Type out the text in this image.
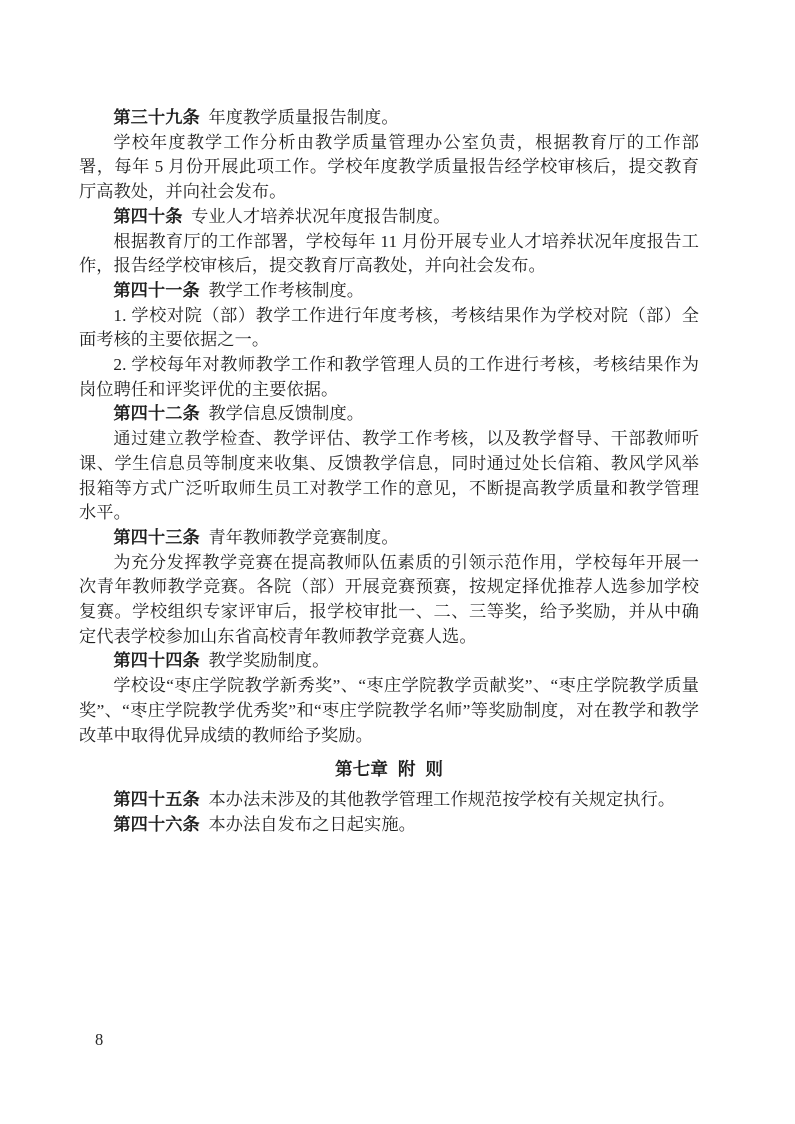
第三十九条 年度教学质量报告制度。

学校年度教学工作分析由教学质量管理办公室负责，根据教育厅的工作部署，每年 5 月份开展此项工作。学校年度教学质量报告经学校审核后，提交教育厅高教处，并向社会发布。

第四十条 专业人才培养状况年度报告制度。

根据教育厅的工作部署，学校每年 11 月份开展专业人才培养状况年度报告工作，报告经学校审核后，提交教育厅高教处，并向社会发布。

第四十一条 教学工作考核制度。

1. 学校对院（部）教学工作进行年度考核，考核结果作为学校对院（部）全面考核的主要依据之一。

2. 学校每年对教师教学工作和教学管理人员的工作进行考核，考核结果作为岗位聘任和评奖评优的主要依据。

第四十二条 教学信息反馈制度。

通过建立教学检查、教学评估、教学工作考核，以及教学督导、干部教师听课、学生信息员等制度来收集、反馈教学信息，同时通过处长信箱、教风学风举报箱等方式广泛听取师生员工对教学工作的意见，不断提高教学质量和教学管理水平。

第四十三条 青年教师教学竞赛制度。

为充分发挥教学竞赛在提高教师队伍素质的引领示范作用，学校每年开展一次青年教师教学竞赛。各院（部）开展竞赛预赛，按规定择优推荐人选参加学校复赛。学校组织专家评审后，报学校审批一、二、三等奖，给予奖励，并从中确定代表学校参加山东省高校青年教师教学竞赛人选。

第四十四条 教学奖励制度。

学校设“枣庄学院教学新秀奖”、“枣庄学院教学贡献奖”、“枣庄学院教学质量奖”、“枣庄学院教学优秀奖”和“枣庄学院教学名师”等奖励制度，对在教学和教学改革中取得优异成绩的教师给予奖励。

第七章 附 则

第四十五条 本办法未涉及的其他教学管理工作规范按学校有关规定执行。

第四十六条 本办法自发布之日起实施。

8
